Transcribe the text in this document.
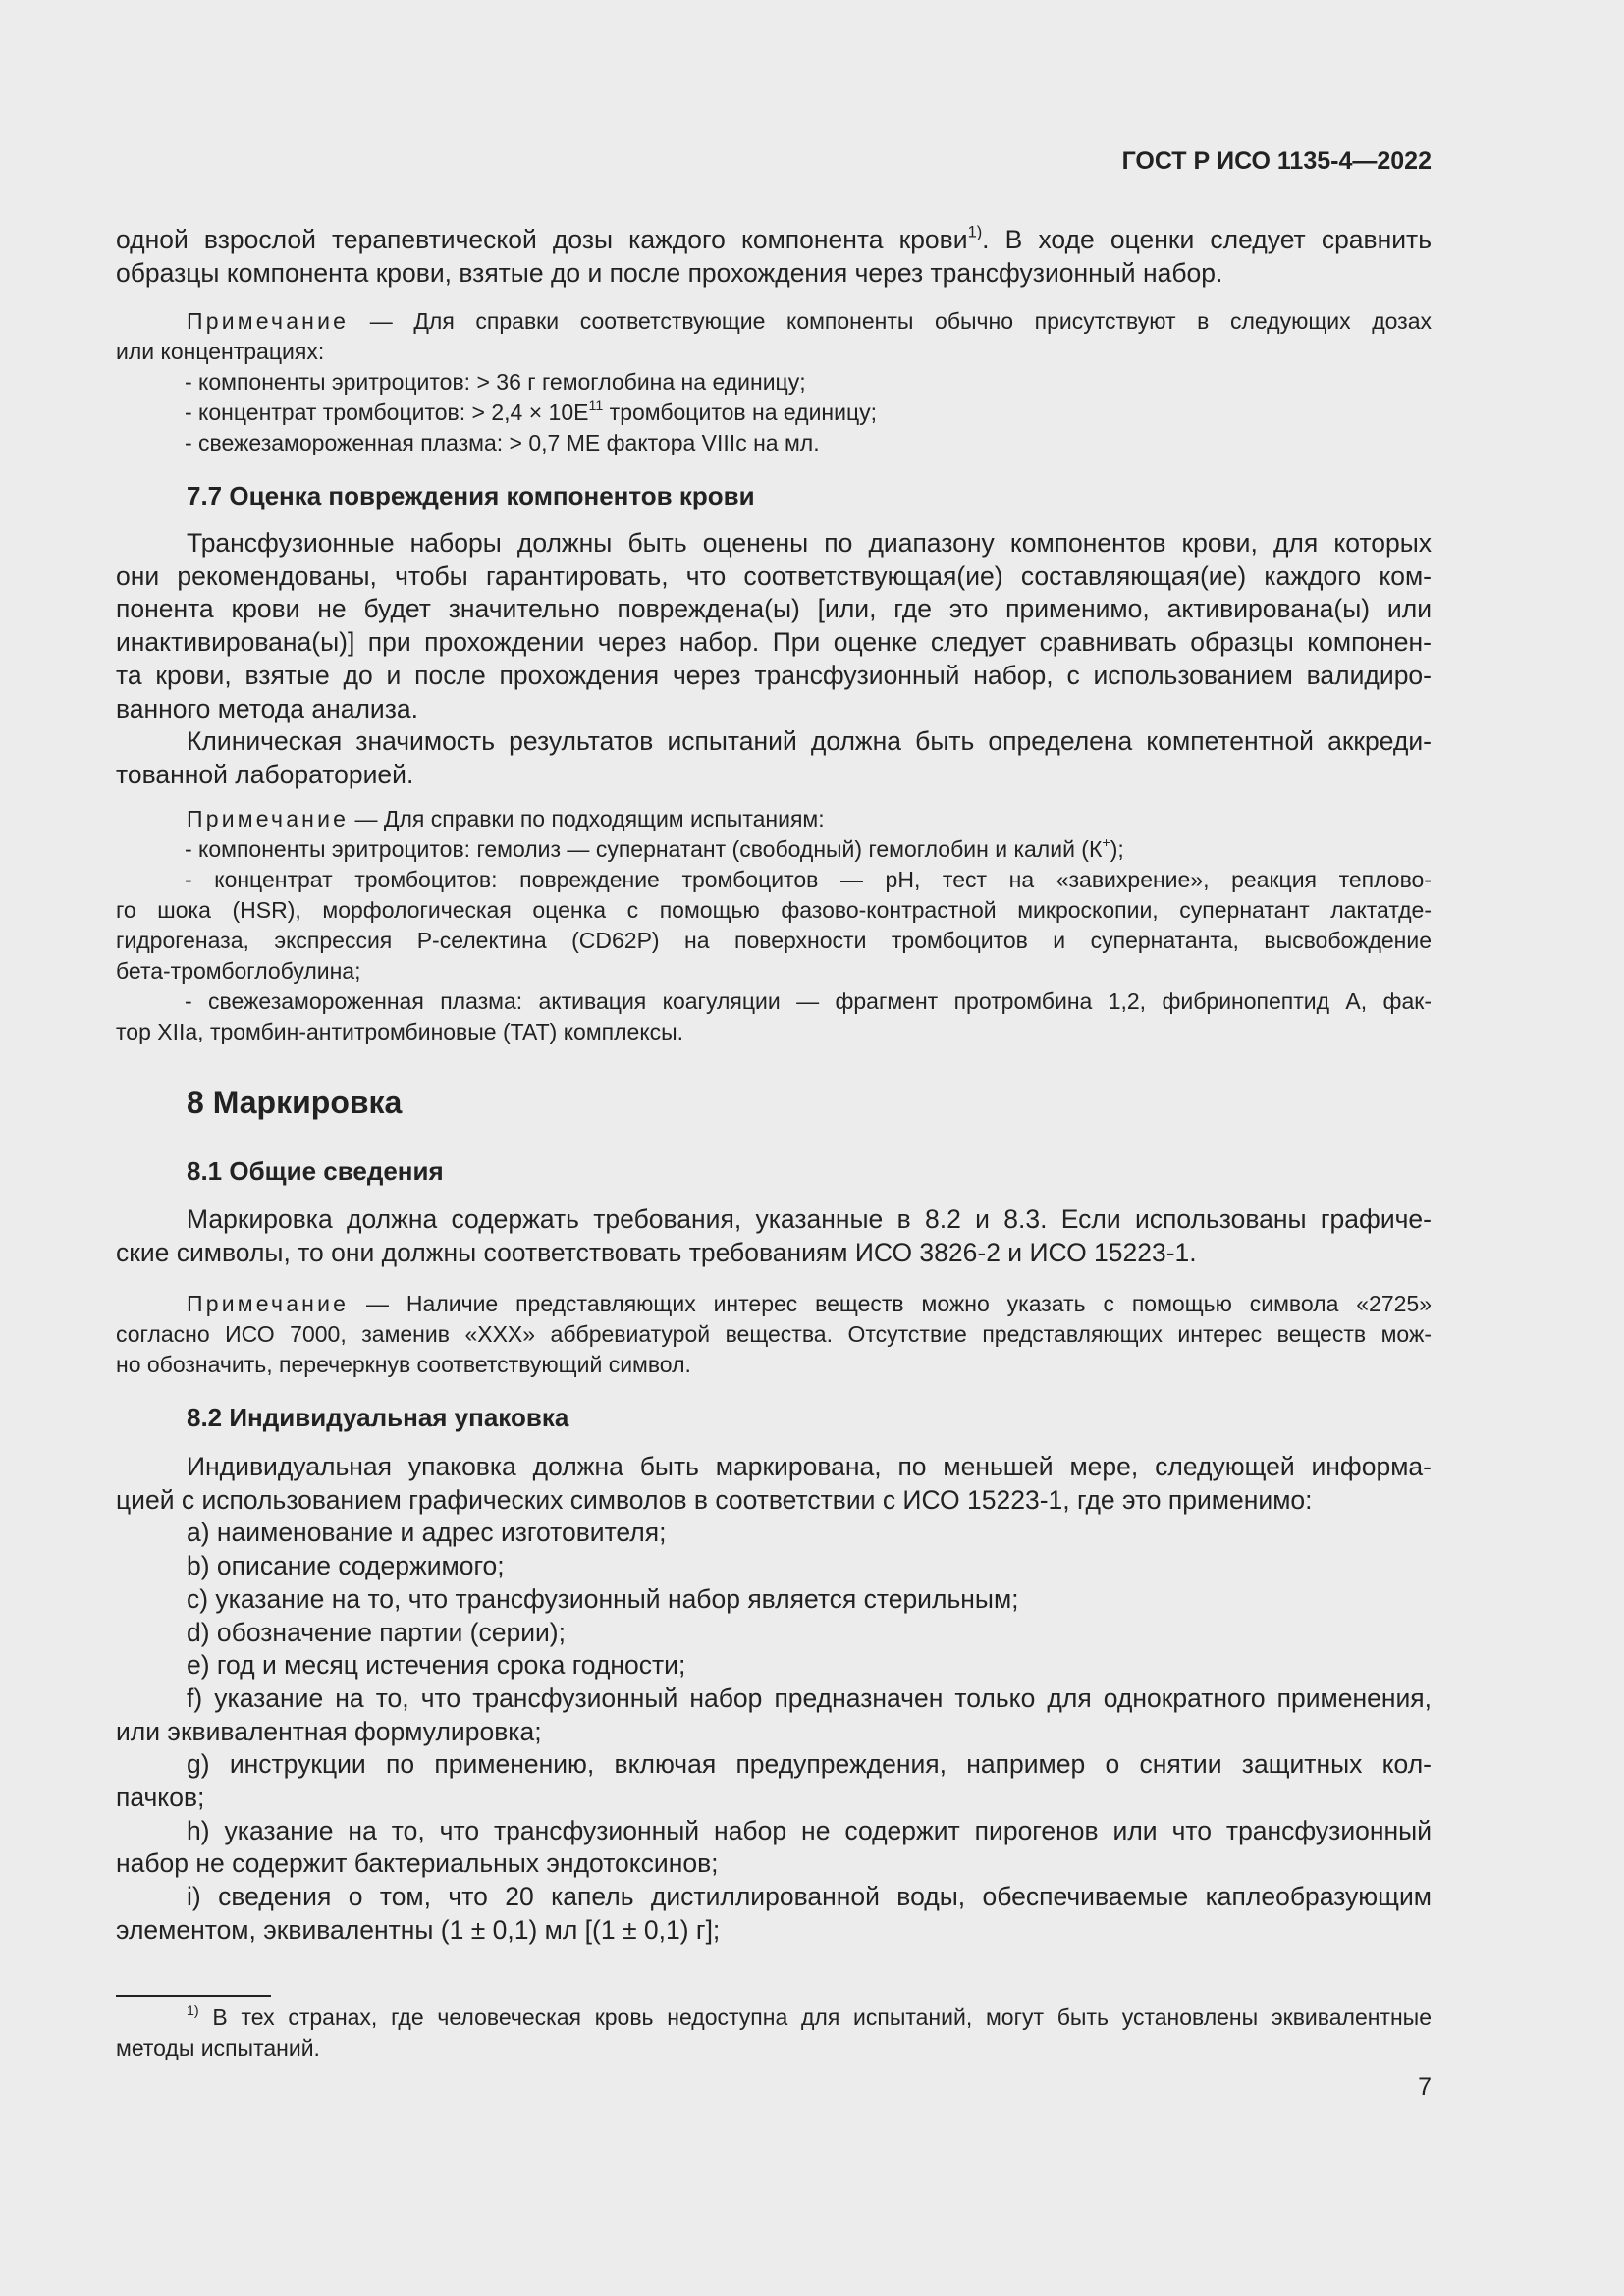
ГОСТ Р ИСО 1135-4—2022

одной взрослой терапевтической дозы каждого компонента крови$^{1)}$. В ходе оценки следует сравнить

образцы компонента крови, взятые до и после прохождения через трансфузионный набор.

Примечание — Для справки соответствующие компоненты обычно присутствуют в следующих дозах

или концентрациях:

- компоненты эритроцитов: > 36 г гемоглобина на единицу;

- концентрат тромбоцитов: > $2,4 \times 10E^{11}$ тромбоцитов на единицу;

- свежезамороженная плазма: > 0,7 МЕ фактора VIIIc на мл.

7.7 Оценка повреждения компонентов крови

Трансфузионные наборы должны быть оценены по диапазону компонентов крови, для которых

они рекомендованы, чтобы гарантировать, что соответствующая(ие) составляющая(ие) каждого ком-

понента крови не будет значительно повреждена(ы) [или, где это применимо, активирована(ы) или

инактивирована(ы)] при прохождении через набор. При оценке следует сравнивать образцы компонен-

та крови, взятые до и после прохождения через трансфузионный набор, с использованием валидиро-

ванного метода анализа.

Клиническая значимость результатов испытаний должна быть определена компетентной аккреди-

тованной лабораторией.

Примечание — Для справки по подходящим испытаниям:

- компоненты эритроцитов: гемолиз — супернатант (свободный) гемоглобин и калий (К+);

- концентрат тромбоцитов: повреждение тромбоцитов — pH, тест на «завихрение», реакция теплово-

го шока (HSR), морфологическая оценка с помощью фазово-контрастной микроскопии, супернатант лактатде-

гидрогеназа, экспрессия P-селектина (CD62P) на поверхности тромбоцитов и супернатанта, высвобождение

бета-тромбоглобулина;

- свежезамороженная плазма: активация коагуляции — фрагмент протромбина 1,2, фибринопептид A, фак-

тор XIIa, тромбин-антитромбиновые (TAT) комплексы.

8 Маркировка
8.1 Общие сведения

Маркировка должна содержать требования, указанные в 8.2 и 8.3. Если использованы графиче-

ские символы, то они должны соответствовать требованиям ИСО 3826-2 и ИСО 15223-1.

Примечание — Наличие представляющих интерес веществ можно указать с помощью символа «2725»

согласно ИСО 7000, заменив «XXX» аббревиатурой вещества. Отсутствие представляющих интерес веществ мож-

но обозначить, перечеркнув соответствующий символ.

8.2 Индивидуальная упаковка

Индивидуальная упаковка должна быть маркирована, по меньшей мере, следующей информа-

цией с использованием графических символов в соответствии с ИСО 15223-1, где это применимо:

a) наименование и адрес изготовителя;

b) описание содержимого;

c) указание на то, что трансфузионный набор является стерильным;

d) обозначение партии (серии);

e) год и месяц истечения срока годности;

f) указание на то, что трансфузионный набор предназначен только для однократного применения,

или эквивалентная формулировка;

g) инструкции по применению, включая предупреждения, например о снятии защитных кол-

пачков;

h) указание на то, что трансфузионный набор не содержит пирогенов или что трансфузионный

набор не содержит бактериальных эндотоксинов;

i) сведения о том, что 20 капель дистиллированной воды, обеспечиваемые каплеобразующим

элементом, эквивалентны (1 ± 0,1) мл [(1 ± 0,1) г];

$^{1)}$ В тех странах, где человеческая кровь недоступна для испытаний, могут быть установлены эквивалентные

методы испытаний.

7
